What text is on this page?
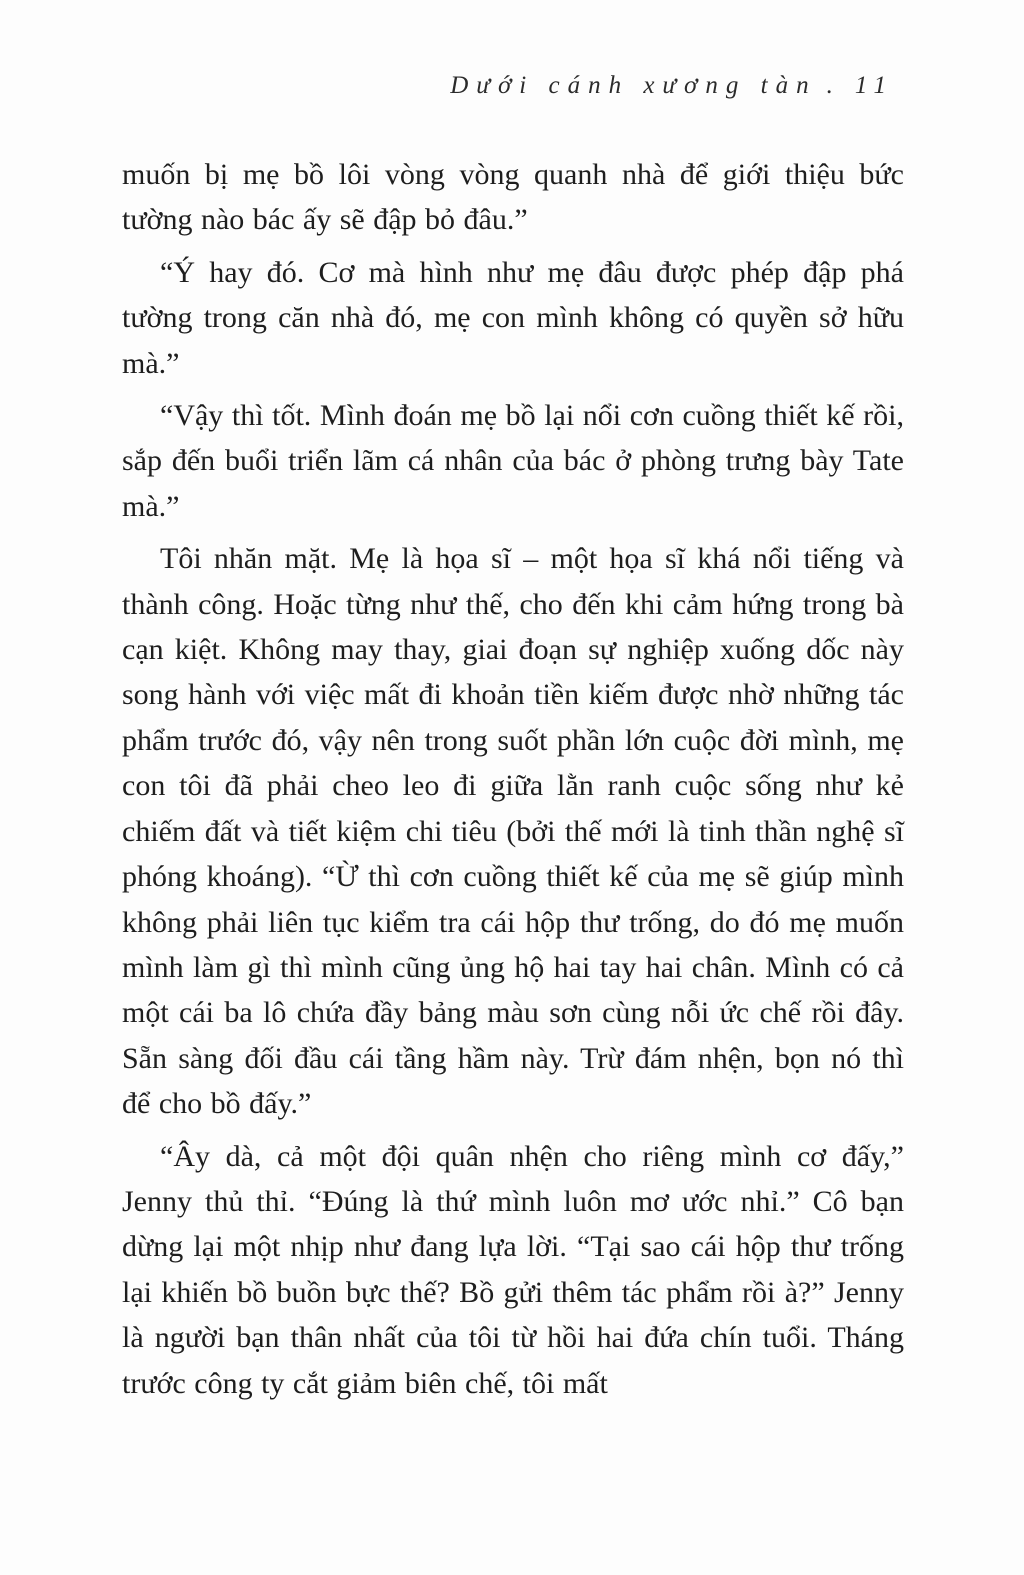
Dưới cánh xương tàn . 11

muốn bị mẹ bồ lôi vòng vòng quanh nhà để giới thiệu bức tường nào bác ấy sẽ đập bỏ đâu.”

“Ý hay đó. Cơ mà hình như mẹ đâu được phép đập phá tường trong căn nhà đó, mẹ con mình không có quyền sở hữu mà.”

“Vậy thì tốt. Mình đoán mẹ bồ lại nổi cơn cuồng thiết kế rồi, sắp đến buổi triển lãm cá nhân của bác ở phòng trưng bày Tate mà.”

Tôi nhăn mặt. Mẹ là họa sĩ – một họa sĩ khá nổi tiếng và thành công. Hoặc từng như thế, cho đến khi cảm hứng trong bà cạn kiệt. Không may thay, giai đoạn sự nghiệp xuống dốc này song hành với việc mất đi khoản tiền kiếm được nhờ những tác phẩm trước đó, vậy nên trong suốt phần lớn cuộc đời mình, mẹ con tôi đã phải cheo leo đi giữa lằn ranh cuộc sống như kẻ chiếm đất và tiết kiệm chi tiêu (bởi thế mới là tinh thần nghệ sĩ phóng khoáng). “Ừ thì cơn cuồng thiết kế của mẹ sẽ giúp mình không phải liên tục kiểm tra cái hộp thư trống, do đó mẹ muốn mình làm gì thì mình cũng ủng hộ hai tay hai chân. Mình có cả một cái ba lô chứa đầy bảng màu sơn cùng nỗi ức chế rồi đây. Sẵn sàng đối đầu cái tầng hầm này. Trừ đám nhện, bọn nó thì để cho bồ đấy.”

“Ây dà, cả một đội quân nhện cho riêng mình cơ đấy,” Jenny thủ thỉ. “Đúng là thứ mình luôn mơ ước nhỉ.” Cô bạn dừng lại một nhịp như đang lựa lời. “Tại sao cái hộp thư trống lại khiến bồ buồn bực thế? Bồ gửi thêm tác phẩm rồi à?” Jenny là người bạn thân nhất của tôi từ hồi hai đứa chín tuổi. Tháng trước công ty cắt giảm biên chế, tôi mất
